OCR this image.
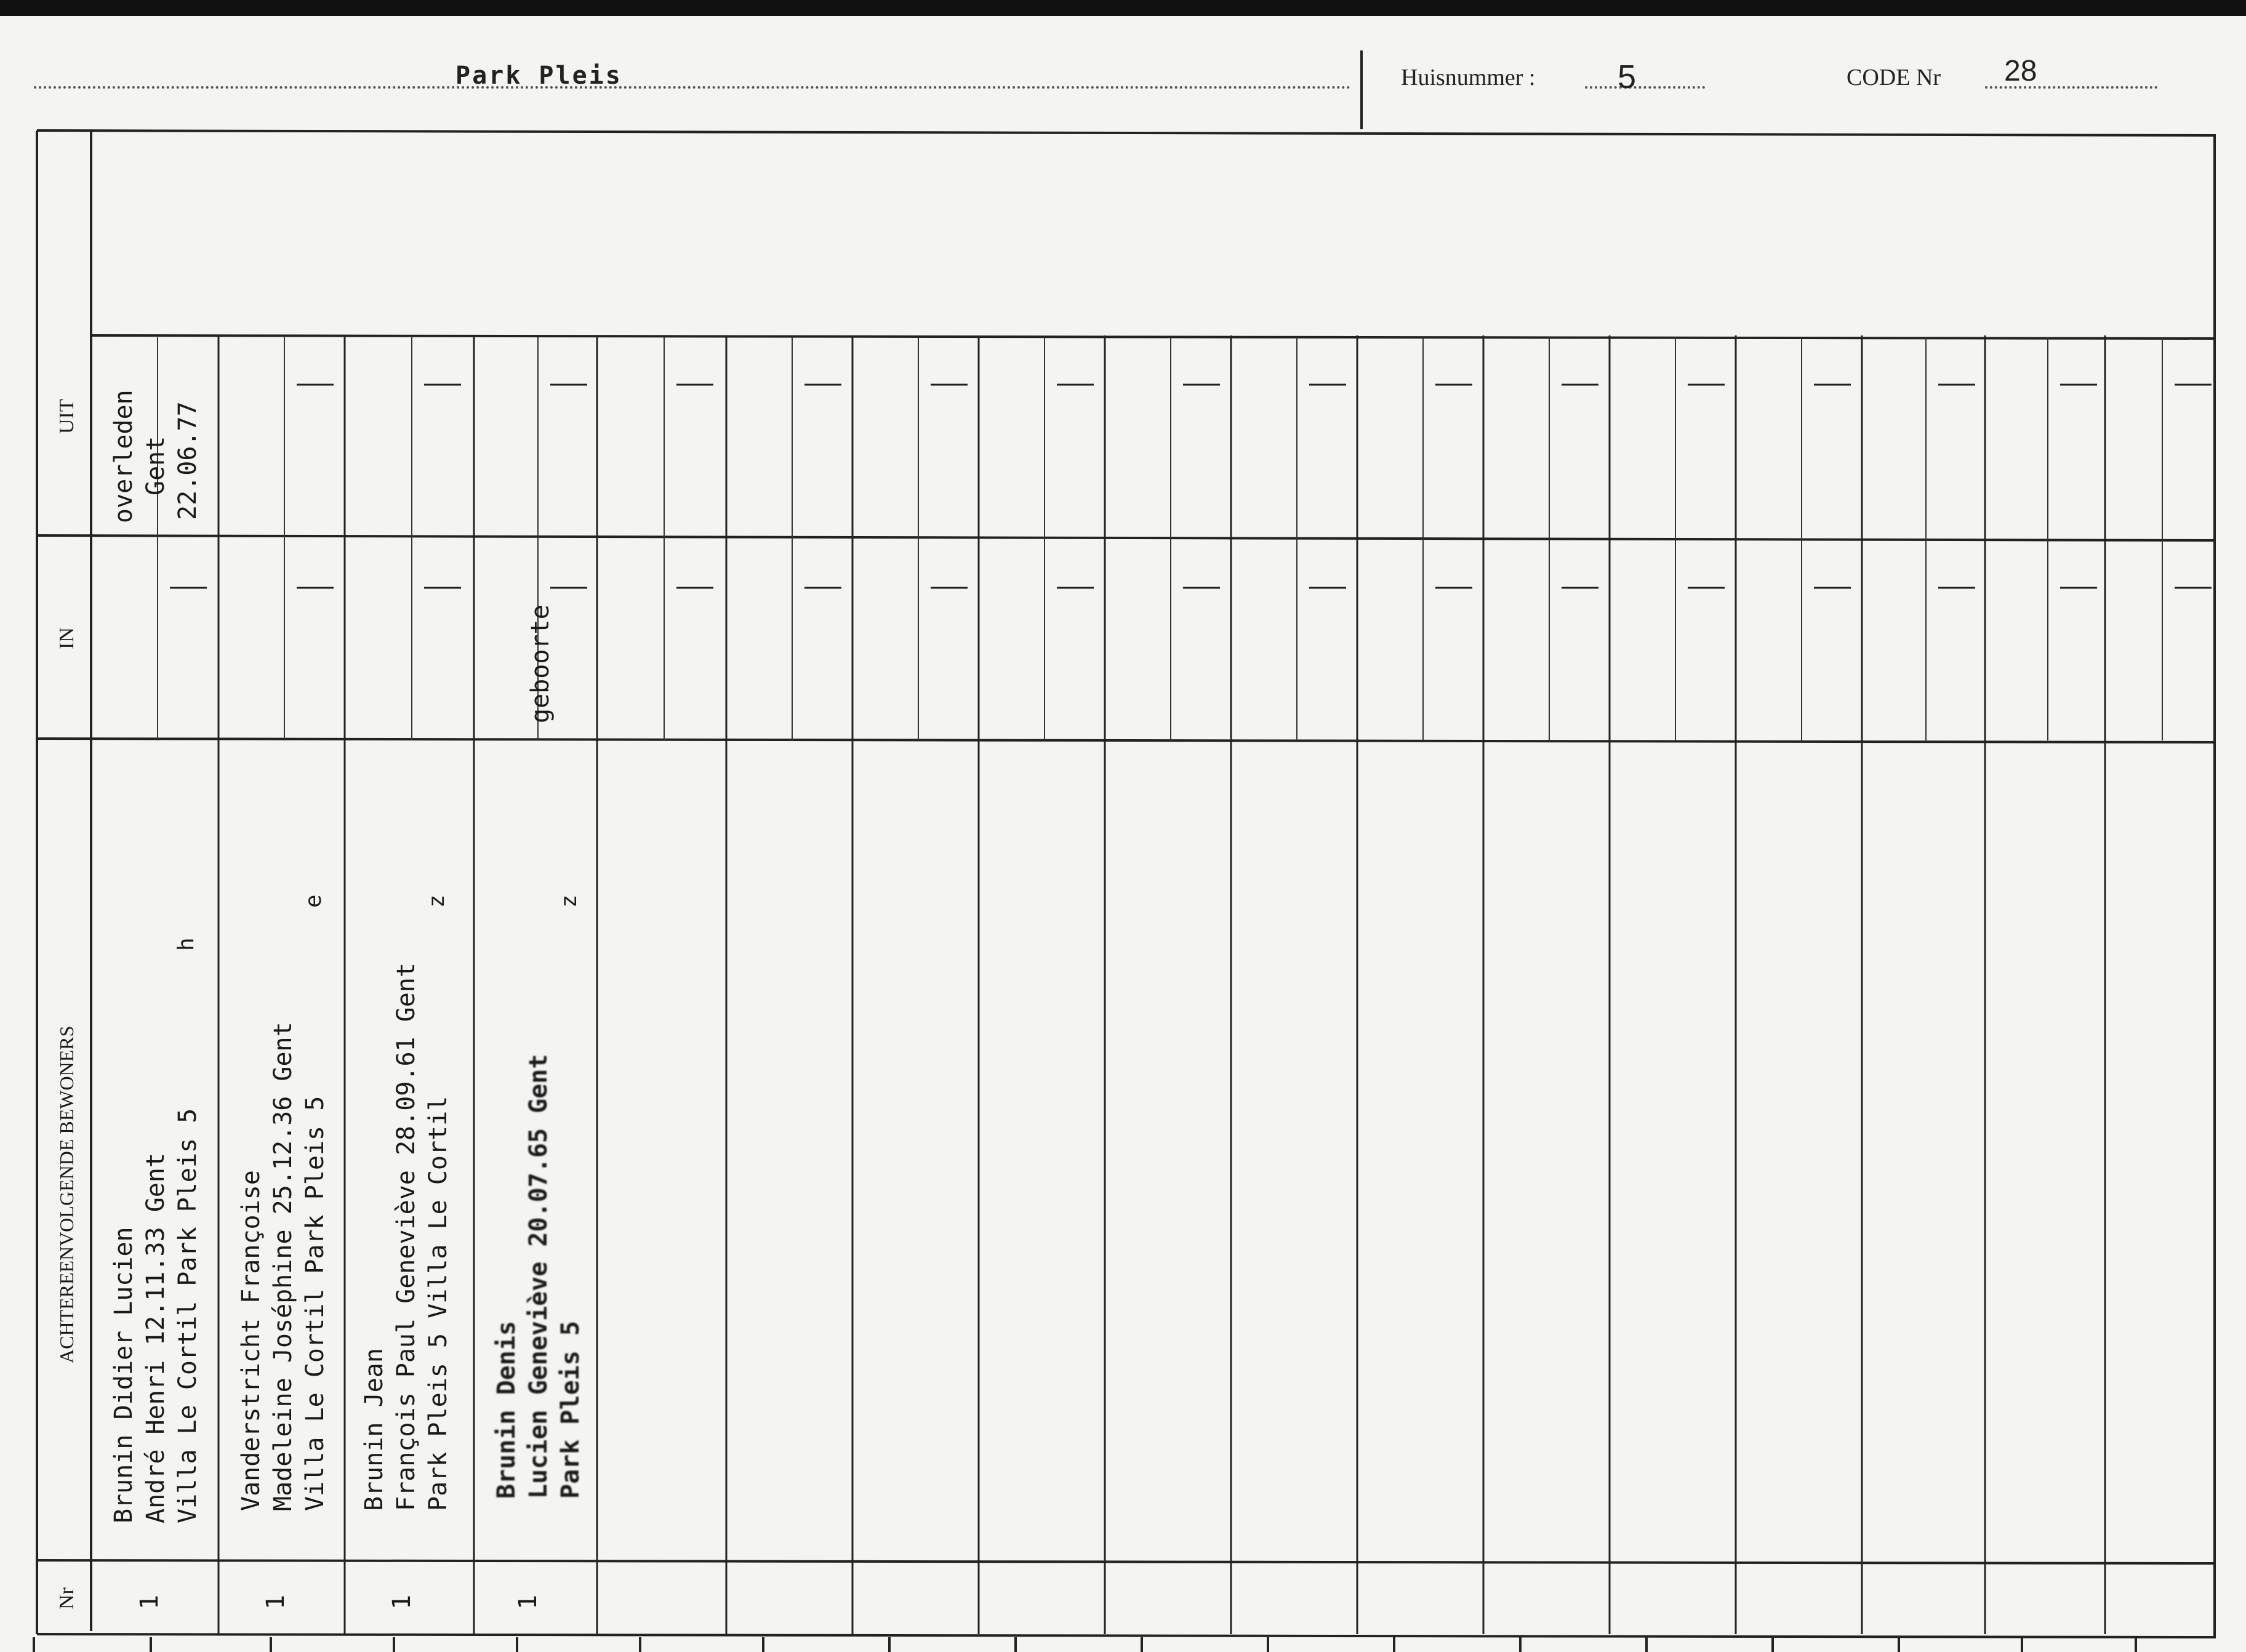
Park Pleis	Huisnummer : 5	CODE Nr 28
Nr
ACHTEREENVOLGENDE BEWONERS
IN
UIT
1
Brunin Didier Lucien André Henri 12.11.33 Gent Villa Le Cortil Park Pleis 5
h
overleden Gent 22.06.77
1
Vanderstricht Françoise Madeleine Joséphine 25.12.36 Gent Villa Le Cortil Park Pleis 5
e
1
Brunin Jean François Paul Geneviève 28.09.61 Gent Park Pleis 5 Villa Le Cortil
z
1
Brunin Denis Lucien Geneviève 20.07.65 Gent Park Pleis 5
z
geboorte
